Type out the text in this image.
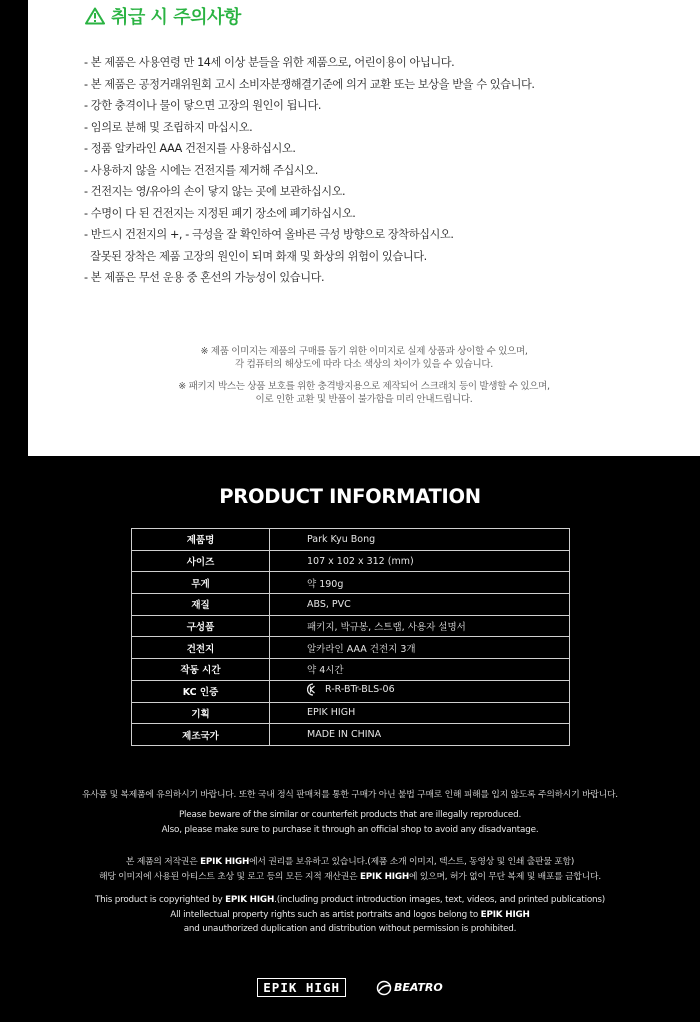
취급 시 주의사항
- 본 제품은 사용연령 만 14세 이상 분들을 위한 제품으로, 어린이용이 아닙니다.
- 본 제품은 공정거래위원회 고시 소비자분쟁해결기준에 의거 교환 또는 보상을 받을 수 있습니다.
- 강한 충격이나 물이 닿으면 고장의 원인이 됩니다.
- 임의로 분해 및 조립하지 마십시오.
- 정품 알카라인 AAA 건전지를 사용하십시오.
- 사용하지 않을 시에는 건전지를 제거해 주십시오.
- 건전지는 영/유아의 손이 닿지 않는 곳에 보관하십시오.
- 수명이 다 된 건전지는 지정된 폐기 장소에 폐기하십시오.
- 반드시 건전지의 +, - 극성을 잘 확인하여 올바른 극성 방향으로 장착하십시오.
잘못된 장착은 제품 고장의 원인이 되며 화재 및 화상의 위험이 있습니다.
- 본 제품은 무선 운용 중 혼선의 가능성이 있습니다.
※ 제품 이미지는 제품의 구매를 돕기 위한 이미지로 실제 상품과 상이할 수 있으며,
각 컴퓨터의 해상도에 따라 다소 색상의 차이가 있을 수 있습니다.
※ 패키지 박스는 상품 보호를 위한 충격방지용으로 제작되어 스크래치 등이 발생할 수 있으며,
이로 인한 교환 및 반품이 불가함을 미리 안내드립니다.
PRODUCT INFORMATION
제품명	Park Kyu Bong
사이즈	107 x 102 x 312 (mm)
무게	약 190g
재질	ABS, PVC
구성품	패키지, 박규봉, 스트랩, 사용자 설명서
건전지	알카라인 AAA 건전지 3개
작동 시간	약 4시간
KC 인증	R-R-BTr-BLS-06

기획	EPIK HIGH
제조국가	MADE IN CHINA
유사품 및 복제품에 유의하시기 바랍니다. 또한 국내 정식 판매처를 통한 구매가 아닌 불법 구매로 인해 피해를 입지 않도록 주의하시기 바랍니다.
Please beware of the similar or counterfeit products that are illegally reproduced.
Also, please make sure to purchase it through an official shop to avoid any disadvantage.
본 제품의 저작권은 EPIK HIGH에서 권리를 보유하고 있습니다.(제품 소개 이미지, 텍스트, 동영상 및 인쇄 출판물 포함)
해당 이미지에 사용된 아티스트 초상 및 로고 등의 모든 지적 재산권은 EPIK HIGH에 있으며, 허가 없이 무단 복제 및 배포를 금합니다.
This product is copyrighted by EPIK HIGH.(including product introduction images, text, videos, and printed publications)
All intellectual property rights such as artist portraits and logos belong to EPIK HIGH
and unauthorized duplication and distribution without permission is prohibited.
EPIK HIGH	BEATRO
